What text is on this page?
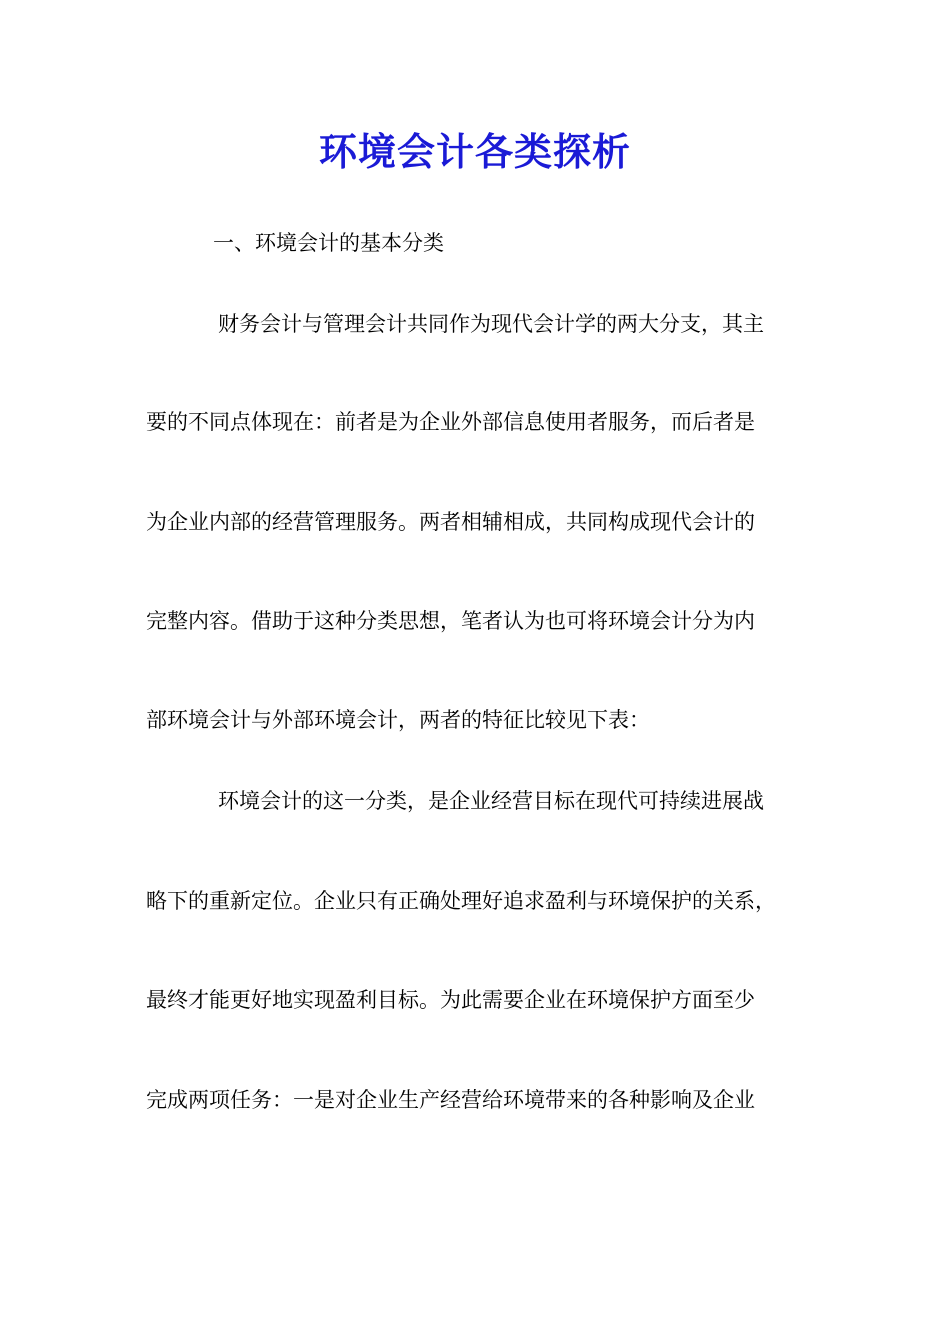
环境会计各类探析

一、环境会计的基本分类

财务会计与管理会计共同作为现代会计学的两大分支，其主

要的不同点体现在：前者是为企业外部信息使用者服务，而后者是

为企业内部的经营管理服务。两者相辅相成，共同构成现代会计的

完整内容。借助于这种分类思想，笔者认为也可将环境会计分为内

部环境会计与外部环境会计，两者的特征比较见下表：

环境会计的这一分类，是企业经营目标在现代可持续进展战

略下的重新定位。企业只有正确处理好追求盈利与环境保护的关系，

最终才能更好地实现盈利目标。为此需要企业在环境保护方面至少

完成两项任务：一是对企业生产经营给环境带来的各种影响及企业
